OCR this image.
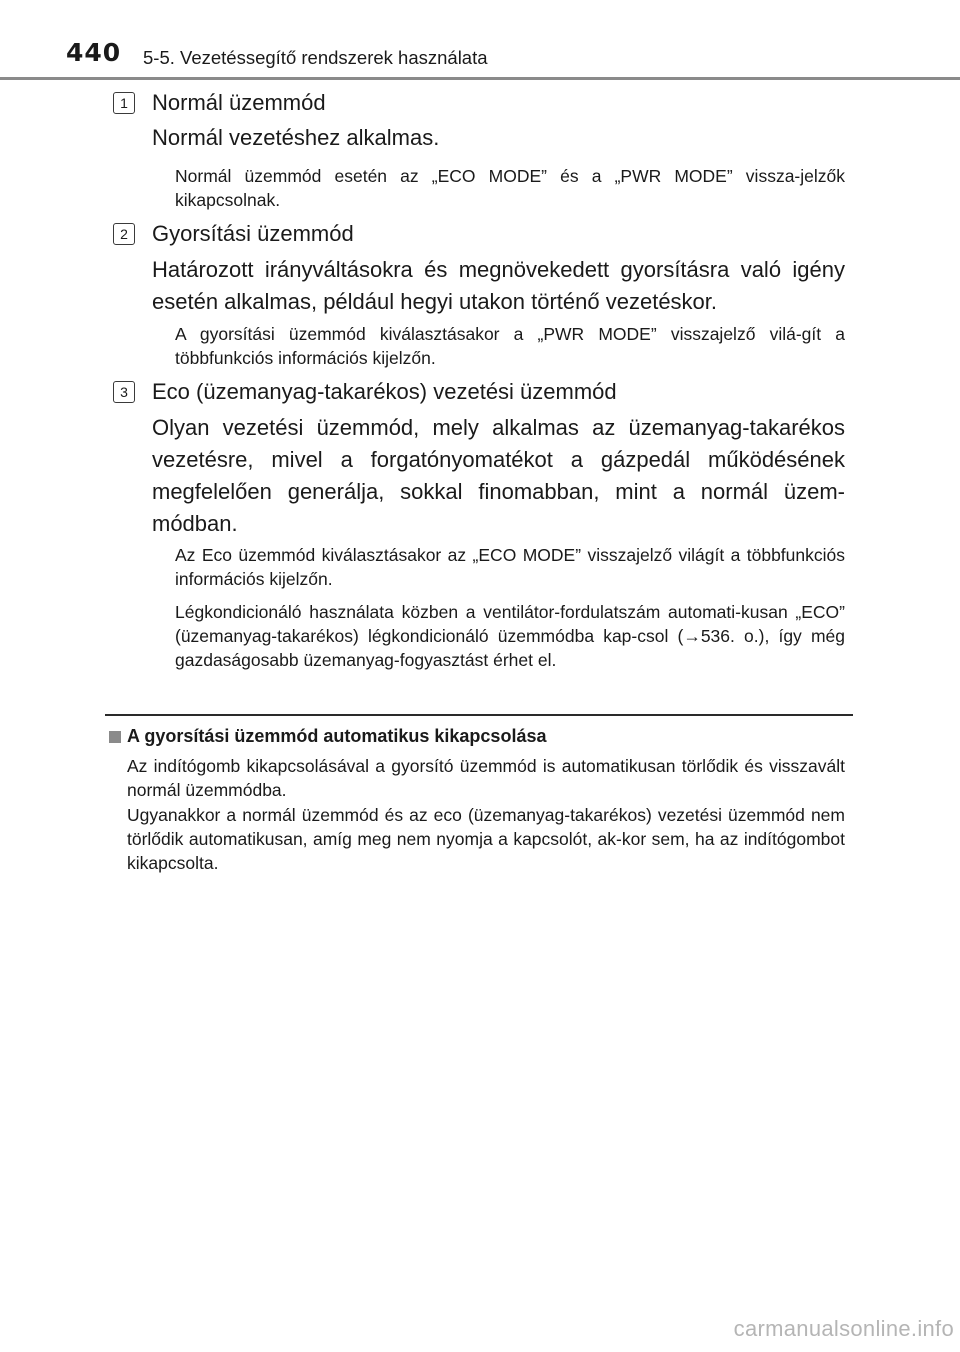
440 5-5. Vezetéssegítő rendszerek használata
1	Normál üzemmód
Normál vezetéshez alkalmas.
Normál üzemmód esetén az „ECO MODE” és a „PWR MODE” vissza-jelzők kikapcsolnak.
2	Gyorsítási üzemmód
Határozott irányváltásokra és megnövekedett gyorsításra való igény esetén alkalmas, például hegyi utakon történő vezetéskor.
A gyorsítási üzemmód kiválasztásakor a „PWR MODE” visszajelző vilá-gít a többfunkciós információs kijelzőn.
3	Eco (üzemanyag-takarékos) vezetési üzemmód
Olyan vezetési üzemmód, mely alkalmas az üzemanyag-takarékos vezetésre, mivel a forgatónyomatékot a gázpedál működésének megfelelően generálja, sokkal finomabban, mint a normál üzem-módban.
Az Eco üzemmód kiválasztásakor az „ECO MODE” visszajelző világít a többfunkciós információs kijelzőn.
Légkondicionáló használata közben a ventilátor-fordulatszám automati-kusan „ECO” (üzemanyag-takarékos) légkondicionáló üzemmódba kap-csol (→536. o.), így még gazdaságosabb üzemanyag-fogyasztást érhet el.
A gyorsítási üzemmód automatikus kikapcsolása
Az indítógomb kikapcsolásával a gyorsító üzemmód is automatikusan törlődik és visszavált normál üzemmódba.
Ugyanakkor a normál üzemmód és az eco (üzemanyag-takarékos) vezetési üzemmód nem törlődik automatikusan, amíg meg nem nyomja a kapcsolót, ak-kor sem, ha az indítógombot kikapcsolta.
carmanualsonline.info
